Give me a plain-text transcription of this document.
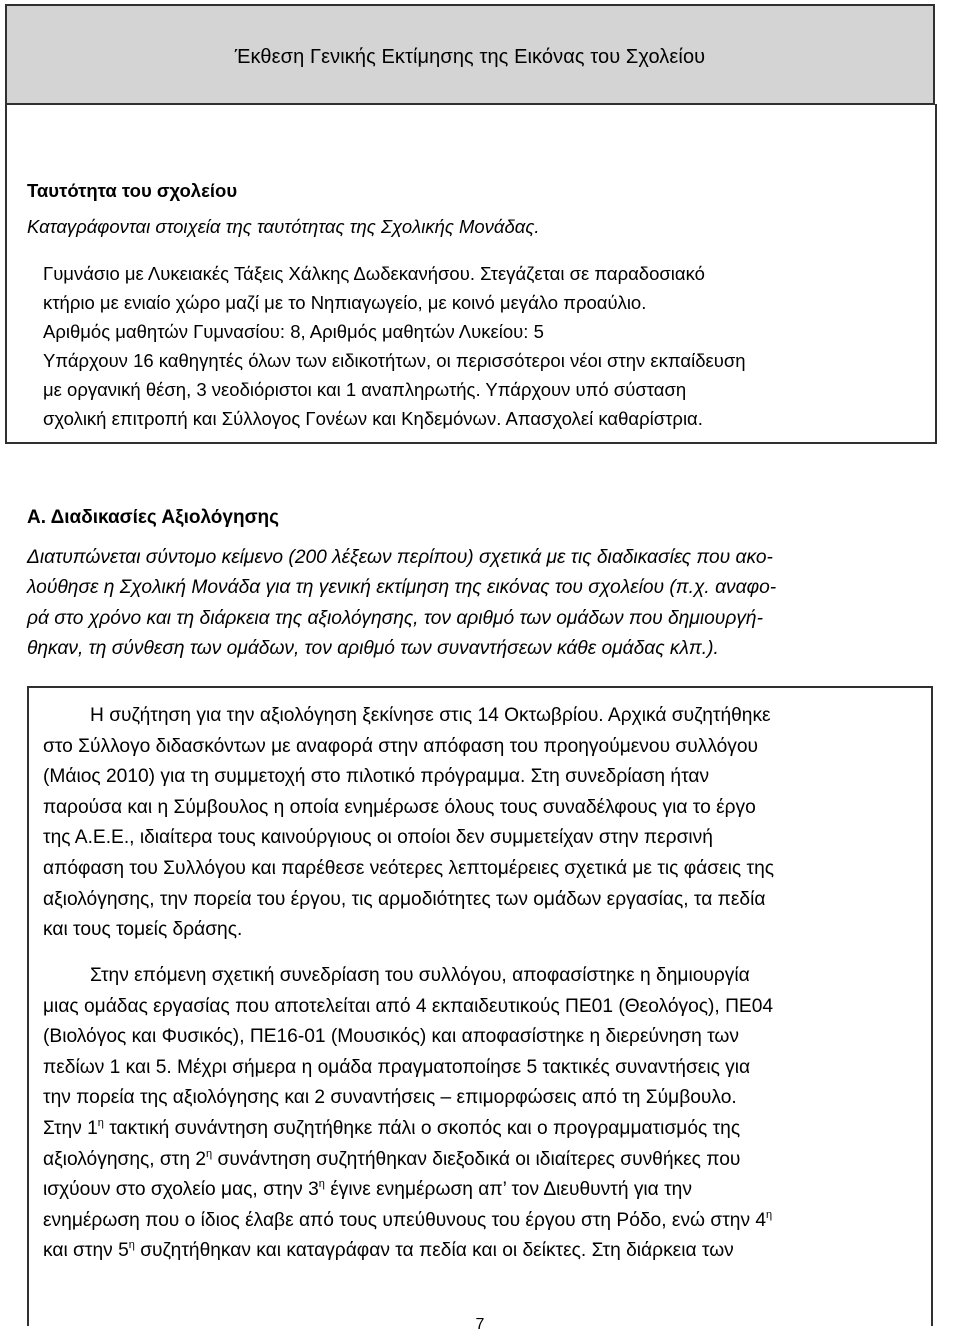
Έκθεση Γενικής Εκτίμησης της Εικόνας του Σχολείου
Ταυτότητα του σχολείου
Καταγράφονται στοιχεία της ταυτότητας της Σχολικής Μονάδας.
Γυμνάσιο με Λυκειακές Τάξεις Χάλκης Δωδεκανήσου. Στεγάζεται σε παραδοσιακό
κτήριο με ενιαίο χώρο μαζί με το Νηπιαγωγείο, με κοινό μεγάλο προαύλιο.
Αριθμός μαθητών Γυμνασίου: 8, Αριθμός μαθητών Λυκείου: 5
Υπάρχουν 16 καθηγητές όλων των ειδικοτήτων, οι περισσότεροι νέοι στην εκπαίδευση
με οργανική θέση, 3 νεοδιόριστοι και 1 αναπληρωτής. Υπάρχουν υπό σύσταση
σχολική επιτροπή και Σύλλογος Γονέων και Κηδεμόνων. Απασχολεί καθαρίστρια.
Α. Διαδικασίες Αξιολόγησης
Διατυπώνεται σύντομο κείμενο (200 λέξεων περίπου) σχετικά με τις διαδικασίες που ακο-
λούθησε η Σχολική Μονάδα για τη γενική εκτίμηση της εικόνας του σχολείου (π.χ. αναφο-
ρά στο χρόνο και τη διάρκεια της αξιολόγησης, τον αριθμό των ομάδων που δημιουργή-
θηκαν, τη σύνθεση των ομάδων, τον αριθμό των συναντήσεων κάθε ομάδας κλπ.).
Η συζήτηση για την αξιολόγηση ξεκίνησε στις 14 Οκτωβρίου. Αρχικά συζητήθηκε
στο Σύλλογο διδασκόντων με αναφορά στην απόφαση του προηγούμενου συλλόγου
(Μάιος 2010) για τη συμμετοχή στο πιλοτικό πρόγραμμα. Στη συνεδρίαση ήταν
παρούσα και η Σύμβουλος η οποία ενημέρωσε όλους τους συναδέλφους για το έργο
της Α.Ε.Ε., ιδιαίτερα τους καινούργιους οι οποίοι δεν συμμετείχαν στην περσινή
απόφαση του Συλλόγου και παρέθεσε νεότερες λεπτομέρειες σχετικά με τις φάσεις της
αξιολόγησης, την πορεία του έργου, τις αρμοδιότητες των ομάδων εργασίας, τα πεδία
και τους τομείς δράσης.
Στην επόμενη σχετική συνεδρίαση του συλλόγου, αποφασίστηκε η δημιουργία
μιας ομάδας εργασίας που αποτελείται από 4 εκπαιδευτικούς ΠΕ01 (Θεολόγος), ΠΕ04
(Βιολόγος και Φυσικός), ΠΕ16-01 (Μουσικός) και αποφασίστηκε η διερεύνηση των
πεδίων 1 και 5. Μέχρι σήμερα η ομάδα πραγματοποίησε 5 τακτικές συναντήσεις για
την πορεία της αξιολόγησης και 2 συναντήσεις – επιμορφώσεις από τη Σύμβουλο.
Στην $1^\eta$ τακτική συνάντηση συζητήθηκε πάλι ο σκοπός και ο προγραμματισμός της
αξιολόγησης, στη $2^\eta$ συνάντηση συζητήθηκαν διεξοδικά οι ιδιαίτερες συνθήκες που
ισχύουν στο σχολείο μας, στην $3^\eta$ έγινε ενημέρωση απ’ τον Διευθυντή για την
ενημέρωση που ο ίδιος έλαβε από τους υπεύθυνους του έργου στη Ρόδο, ενώ στην $4^\eta$
και στην $5^\eta$ συζητήθηκαν και καταγράφαν τα πεδία και οι δείκτες. Στη διάρκεια των
7
